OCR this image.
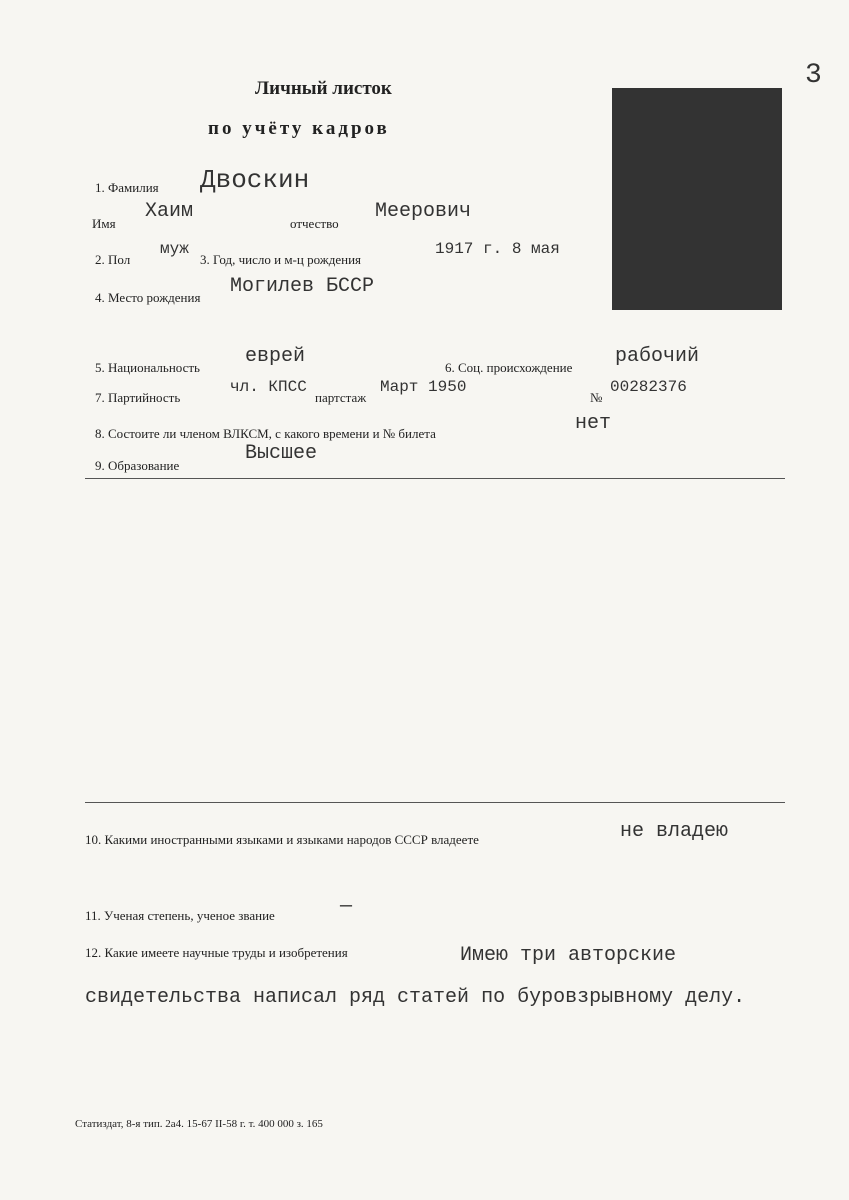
Личный листок
по учёту кадров
3
1. Фамилия Двоскин
Имя
Хаим
отчество
Меерович
2. Пол
муж
3. Год, число и м-ц рождения
1917 г. 8 мая
4. Место рождения Могилев БССР
5. Национальность еврей	6. Соц. происхождение рабочий
7. Партийность
чл. КПСС
партстаж
Март 1950
№
00282376
8. Состоите ли членом ВЛКСМ, с какого времени и № билета	нет
9. Образование
Высшее
10. Какими иностранными языками и языками народов СССР владеете	не владею
11. Ученая степень, ученое звание	—
12. Какие имеете научные труды и изобретения	Имею три авторские свидетельства написал ряд статей по буровзрывному делу.
Статиздат, 8-я тип. 2а4. 15-67 II-58 г. т. 400 000 з. 165
